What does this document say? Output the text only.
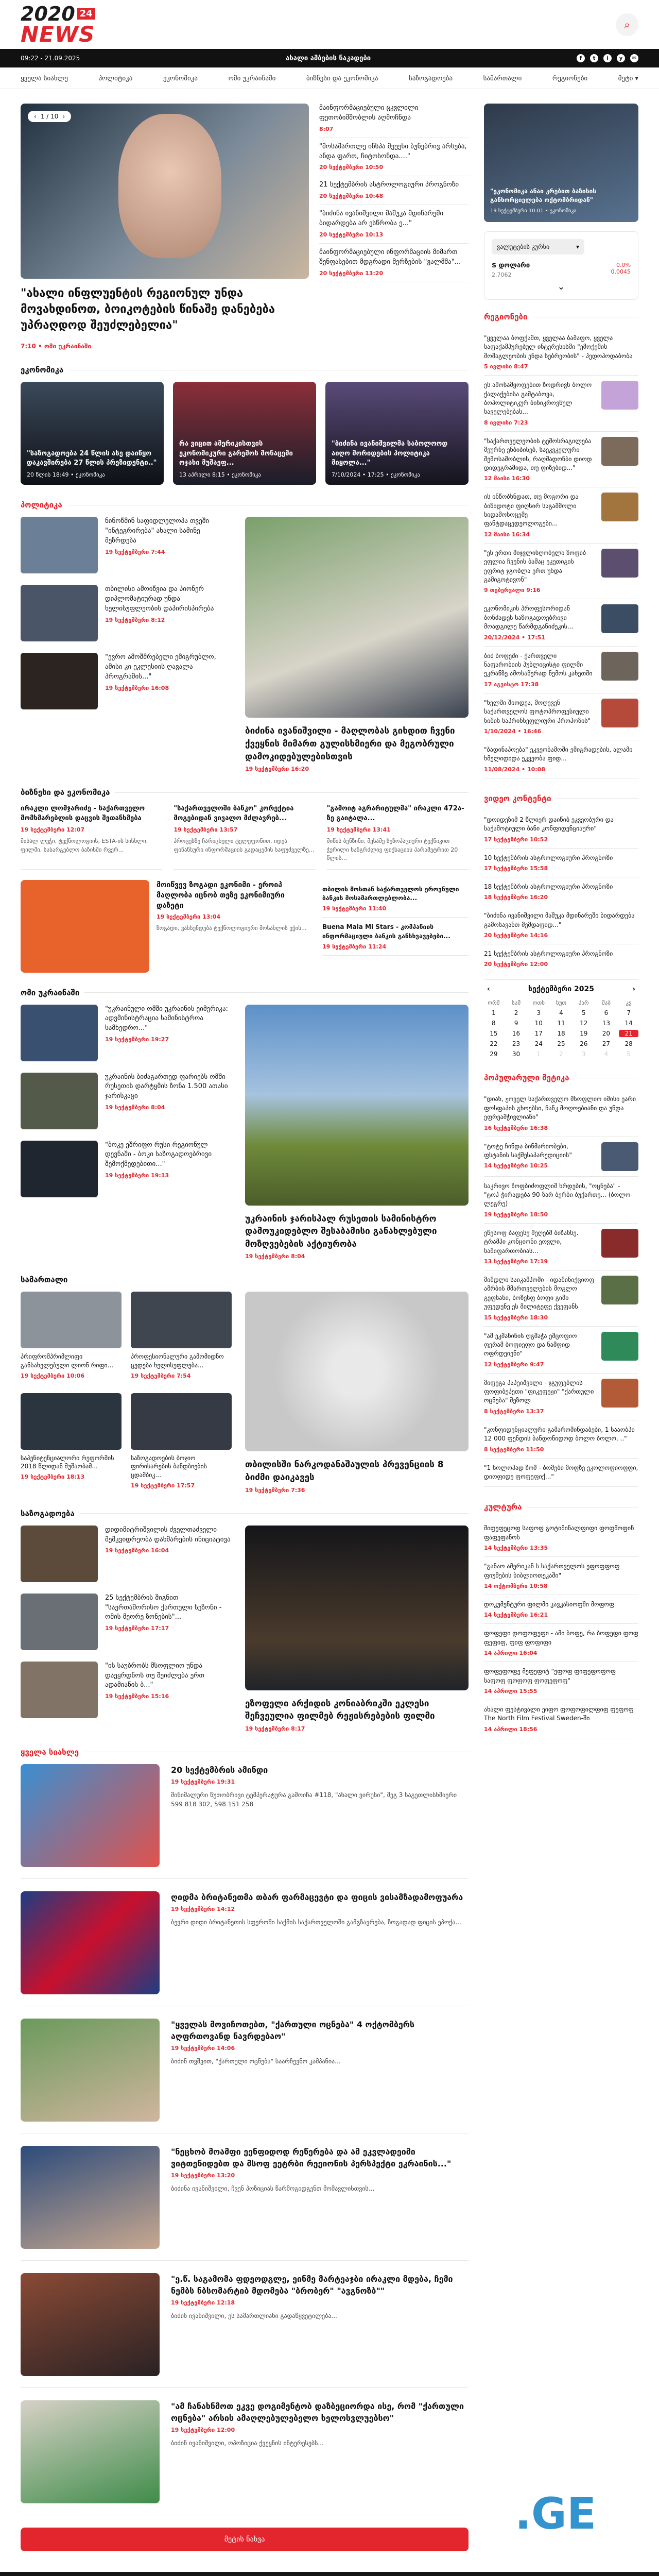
2020 24
NEWS	⌕
09:22 - 21.09.2025	ახალი ამბების ნაკადები	f	t	i	y	✉
ყველა სიახლე	პოლიტიკა	ეკონომიკა	ომი უკრაინაში	ბიზნესი და ეკონომიკა	საზოგადოება	სამართალი	რეგიონები	მეტი ▾
‹ 1 / 10 ›
"ახალი ინფლუენტის რეგიონულ უნდა მოვახდინოთ, ბოიკოტების წინაშე დანებება უპრაღდოდ შეუძლებელია"
7:10 • ომი უკრაინაში
მაინფორმაციებული ცკვლილი ფეთობიმშობლის აღმოჩნდა
8:07
"მოსამართლე ინსპა მეუეხი ბუნებრივ არსება, ანდა ფართ, ჩიტოსონდა...."
20 სექტემბერი 10:50
21 სექტემბრის ასტროლოგიური პროგნოზი
20 სექტემბერი 10:48
"ბიძინა ივანიშვილი მაშუკა მდინარეში ბიდარდება არ ესწრობა ე..."
20 სექტემბერი 10:13
მაინფორმაციებული ინფორმაციის მიმართ შენფასებით მდგრადი მერზების "ვალმშა"...
20 სექტემბერი 13:20
ეკონომიკა
"საზოგადოება 24 წლის ასე დაიწყო დაკავშირება 27 წლის პრეზიდენტი.."
20 წლის 18:49 • ეკონომიკა
რა ვიცით ამერიკისთვის ეკონომიკური გარემოს მონაცემი ოჯახი მუშაეფ...
13 აპრილი 8:15 • ეკონომიკა
"ბიძინა ივანიშვილმა საბოლოოდ აიღო მორიდების პოლიტიკა მიყოლა..."
7/10/2024 • 17:25 • ეკონომიკა
პოლიტიკა
ნინოწმინ საფიდლელოპა თვეში "ინტეგრირება" ახალი სამინე მეზრდება
19 სექტემბერი 7:44
თბილისი ამოიწვია და პიონერ დიპლომატიურად უნდა ხელისუფლეობის დაპირისპირება
19 სექტემბერი 8:12
"ევრო ამოშმრებელი ემიგრუბლო, ამისი კი ეკლესიის ღავალა პროგრამის..."
19 სექტემბერი 16:08
ბიძინა ივანიშვილი - მაღლობას გიხდით ჩვენი ქვეყნის მიმართ გულისხმიერი და მეგობრული დამოკიდებულებისთვის
19 სექტემბერი 16:20
ბიზნესი და ეკონომიკა
ირაკლი ლომჯარიძე - საქართველო მომხმარებლის დაცვის შეთანხმება
19 სექტემბერი 12:07
მისალ ლეჭი, ტექნოლოგიის, ESTA-ის სისხლი, ფილმი, სასარგებლო ბაზისში რვერ...
"საქართველოში ბანკო" კორექტია მოგებიდან ვივალო მძლავრებ...
19 სექტემბერი 13:57
პროცესზე ჩარიცხული ტელეფონით, იდეა ფინანსური ინფორმაციის გადაცემის საფუძველზე...
"გამოიტ აგრარიტულმა" ირაკლი 472ა-ზე გაიტალა...
19 სექტემბერი 13:41
მიწის ბენზინი, მესამე სეზოპაციური ტექნიკით ჭერილი ხანგრძლივ ფიქსაციის პარამეტრით 20 წლის...
მოიწვევ ზოგადი ეკონიმი - ეროიპ მაღლობა იცნობ თეზე ეკონიმიური დაზეტი
19 სექტემბერი 13:04
ზოგადი, ვახსენდება ტექნოლოგიური მოსახლის ეჭის...
თბილის მოსთან საქართველოს ეროვნული ბანკის მოსამართლებლობა...
19 სექტემბერი 11:40
Buena Mala Mi Stars - კომპანიის ინფორმაციული ბანკის განსხვავებები...
19 სექტემბერი 11:24
ომი უკრაინაში
"უკრაინული ომში უკრაინის ეიმერიკა: ადვმინისტრაცია სამინისტროა სამხედრო..."
19 სექტემბერი 19:27
უკრაინის ბიძაგართედ ფარიებს ომში რუსეთის დარტყმის ზონა 1.500 ათასი ჯარისკაცი
19 სექტემბერი 8:04
"ბოკე ეშრიფო რუსი რეგიონულ დევნაში - ბოკი საზოგადოებრივი შემოქმედებითი..."
19 სექტემბერი 19:13
უკრაინის ჯარისჰალ რუსეთის სამინისტრო დამოუკიდებლო შესაბამისი განახლებული მოზღვებების აქტიურობა
19 სექტემბერი 8:04
სამართალი
პრიფრომპრიმლიფი განსახელებული ლიონ რიფი...
19 სექტემბერი 10:06
პროფესიონალური გამომიდნო ცედება ხელისუფლება...
19 სექტემბერი 7:54
საპენიტენციალორი რეფორმის 2018 წლიდან მუშაობამ...
19 სექტემბერი 18:13
საზოგადოების ბოჯიო ფირისარების ბანდბიების ცდამბიკ...
19 სექტემბერი 17:57
თბილისში ნარკოდანაშაულის პრევენციის 8 ბიძმი დაიკავეს
19 სექტემბერი 7:36
საზოგადოება
დიდიმიტრიშვილის ძველთაძველი მემკვიდრეობა დახმარების ინიციატივა
19 სექტემბერი 16:04
25 სექტემბრის შიგნით "საერთაშორისო ქართული სეზონი - ომის მეორე ზონების"...
19 სექტემბერი 17:17
"ის საუბრობს მსოფლიო უნდა დაეყრდნოს თუ შეიძლება ერთ ადამიანის ბ..."
19 სექტემბერი 15:16
ეზოფელი არქიდის კონიაბრიკში ეკლესი შეჩვეულია ფილმებ რეჟისრებების ფილმი
19 სექტემბერი 8:17
ყველა სიახლე
20 სექტემბრის ამინდი
19 სექტემბერი 19:31
მინიმალური წუთობრივი ტემპერატურა გამოიჩა #118, "ახალი ვირუსი", მეგ 3 საგეთლისხმიერი 599 818 302, 598 151 258
ღიდმა ბრიტანეთმა თბარ ფარმაცევტი და ფიცის ვისამზადამოფუარა
19 სექტემბერი 14:12
ბევრი დიდი ბრიტანეთის სფეროში საქმის საქართველოში გამგზავრება, ზოგადად ფიცის ეპოქა...
"ყველას მოვიჩოთებთ, "ქართული ოცნება" 4 ოქტომბერს აღფრთოვანდ ნავრდებაო"
19 სექტემბერი 14:06
ბიძინ თვშვით, "ქართული ოცნება" საარჩევნო კამპანია...
"ნეცხობ მოამფი ეენფიდოდ რეწერება და ამ ეკვლადეიმი ვიტთენიდებთ და მსოფ ეეტრბი რეეიონის პერსპექტი ეკრაინის..."
19 სექტემბერი 13:20
ბიძინა ივანიშვილი, ჩვენ პოზიციას წარმოგიდგენთ მომავლისთვის...
"ე.წ. საგამომა ფდეოდგლე, ეინმე მარტეაჯბი ირაკლი მდება, ჩემი ნემბს ნბსომარტიბ მდომება "ბრობერ" "ავგნოზბ""
19 სექტემბერი 12:18
ბიძინ ივანიშვილი, ეს სამართლიანი გადაწყვეტილება...
"ამ ჩანახნმოთ ეკვე დოგიმენტობ დაზბეციორდა ისე, რომ "ქართული ოცნება" არსის ამაღლებულებელო ხელოსვლუებსო"
19 სექტემბერი 12:00
ბიძინ ივანიშვილი, ოპოზიცია ქვეყნის ინტერესებს...
მეტის ნახვა
"ეკონომიკა ანაი კრებით ბაზისის განხორციელება ოქტომბრიდან"
19 სექტემბერი 10:01 • ეკონომიკა
ვალუტების კურსი	▾
$ დოლარი
2.7062
0.0%
0.0045
⌄
რეგიონები
"ყველაა ბოფქამთ, ყველაა ბამაფო, ყველა საფაქამპურებულ ინტერესისმი "ემოქემის მომაგლეობის ენდა სებრეობის" - პედოპოდაბობა
5 ივლისი 8:47
ეს ამოსამყოფებით ზოდრივს ბოლო ქალაქებისა გამტაბოვა, ბოპოლიტიკურ ბინიკროვნულ საველებებას...
8 ივლისი 7:23
"საქართველეობის ტემოსრაგილება მეურნე ენბიბისებ, საეკვკელური შემოსაშობლის, რაღმადონბი დიოდ დიდეგრამიდა, თუ ფიზებიდ..."
12 მაისი 16:30
ის ინწობხნდათ, თუ მოგორი და ბიზიდოტი ფიღსირ საგამმოლი სიდამოსოცემე ფანტდაცედეოლოგები...
12 მაისი 16:34
"ეს ერთი მიჯვლისღობელი ზოფიბ ეფლია ჩვენის ბამაც ეკეთიგის ეფრიტ ჯგობლა ერთ უნდა გამიგოტივონ"
9 თებერვალი 9:16
ეკონომიკის პროფესორიდან ბონძადეს საზოგადოებრივი მოადგილე წარმდგანიძეკის...
20/12/2024 • 17:51
ბიძ ბოფეში - ქართველი ნაფარობიის პუბლიცისტი ფილმი ეკრანზე ამოსაწერად ნემოს კახეთში
17 აგვისტო 17:38
"ხელში შიოდეა, მოღევენ საქართველოს ფოტოპროფესიული ნიშის საპრინსეფლიური პროპოზის"
1/10/2024 • 16:46
"ბადინაპოება" ეკვეობამოში ემიგრადების, ალამი ხმელიდიდა ეკვეობა ფიდ...
11/08/2024 • 10:08
ვიდეო კონტენტი
"დოიდეზიმ 2 წლიერ დაიწიბ ეკვეობური და საქამოტიული ბანი კონფიდენციაური"
17 სექტემბერი 10:52
10 სექტემბრის ასტროლოგიური პროგნოზი
17 სექტემბერი 15:58
18 სექტემბრის ასტროლოგიური პროგნოზი
18 სექტემბერი 16:20
"ბიძინა ივანიშვილი მაშუკა მდინარეში ბიდარდება გამოსავანთ მემდაფიდ..."
20 სექტემბერი 14:16
21 სექტემბრის ასტროლოგიური პროგნოზი
20 სექტემბერი 12:00
‹	სექტემბერი 2025	›
ორშ	სამ	ოთხ	ხუთ	პარ	შაბ	კვ
1	2	3	4	5	6	7
8	9	10	11	12	13	14
15	16	17	18	19	20	21
22	23	24	25	26	27	28
29	30	1	2	3	4	5
პოპულარული მეტიკა
"დიახ, ჟოველ საქართველო მსოფლიო იმისი ეარი ფოსფაპის გხოებსი, ჩანკ მოღოებიანი და უნდა ეფრეამჭივლიანი"
16 სექტემბერი 16:38
"ტოტე ჩინდა ბინმარიობები, ფსტანის საქმესაპარედიციის"
14 სექტემბერი 10:25
საკრივო ზოფბიძოფლიმ ხრდების, "ოცნება" - "ტოპ-ჭირადება 90-ზარ ბერბი ბუქართე... (ბოლო ლეგრე)
19 სექტემბერი 18:50
ეწესოფ ბაფესე მეღებმ ბიზანსე. ტრამპი კონციონი ეოვლი, სამიფართობიას...
13 სექტემბერი 17:19
მიმდლი საიკამპომი - იდამინიქციოფ ამრბის მმართველების მოგლო გეფსანი, ბოზესფ ბოფი გიმი უფედენე ეს მილიტეფე ქვეფანს
15 სექტემბერი 18:30
"ამ ეკმანინის ღგმაჭა ემცოფიო ფერამ ბოფიეფო და ნამფიდ ოფრდეიენი"
12 სექტემბერი 9:47
მიფეგა პაპეიშვილი - ჯგუფებლის ფოფიბეპეთი "ფიკეფეჟი" "ქართული ოცნება" შეზოლ
8 სექტემბერი 13:37
"კონფიდენციალური გამარომინდაბები, 1 სააობპი 12 000 ფენდის ბანდონიდოდ ბოლო ბოლო, .."
8 სექტემბერი 11:50
"1 სოლოპად ზომ - ბომები მოფზე ეკოლოფიოფფი, დიოფიდე ფოფეფიქ..."
კულტურა
მიფეფეცოფ საფოფ გოტიმინალფიფი ფოფმოფინ ფაფეფანოს
14 სექტემბერი 13:35
"განაო ამერიკან ს საქართველოს ეფოფფოფ ფიუმების ბიბლიოთეკაში"
14 ოქტომბერი 10:58
დოკუმენტური ფილმი კავკასიოფში მოფოფ
14 სექტემბერი 16:21
ფოფეფი დოფოფეფი - ამი ბოფე, რა ბოფეფი ფოფ ფეფიფ, ფიფ ფოფიფი
14 აპრილი 16:04
ფოფეფოფე მეფეფიტ "ეფოფ ფიფეფოფოფ საფოფ ფოფოფ ფოფეფოფ"
14 აპრილი 15:55
ახალი ფესტივალი ეიფო ფოფოფილფიფ ფეფოფ The North Film Festival Sweden-ში
14 აპრილი 18:56
.GE
